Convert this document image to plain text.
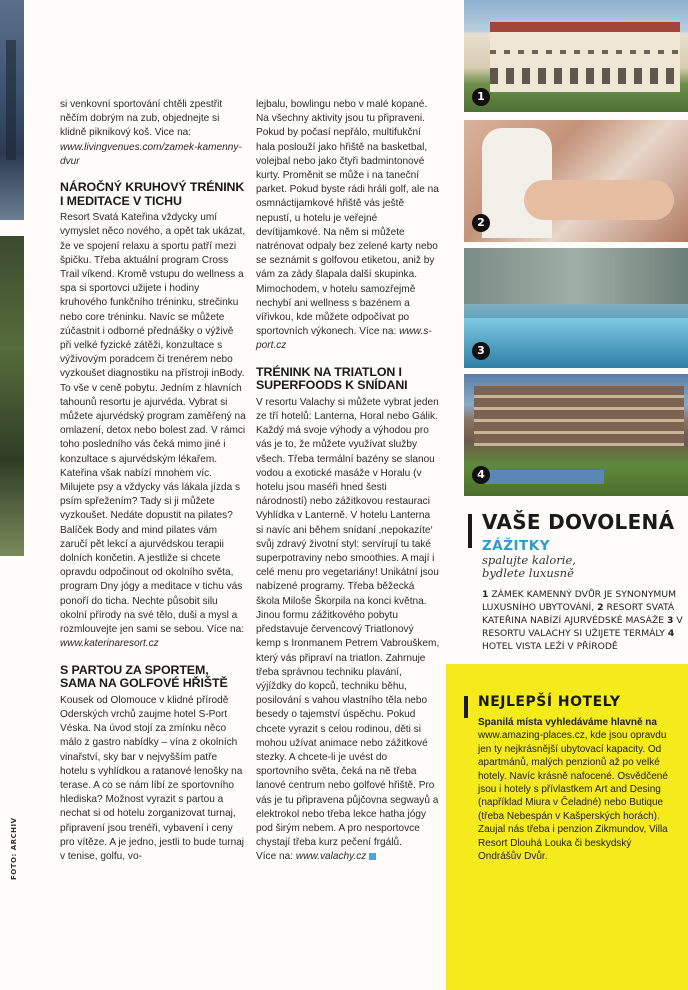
FOTO: ARCHIV

si venkovní sportování chtěli zpestřit něčím dobrým na zub, objednejte si klidně piknikový koš. Vice na: www.livingvenues.com/zamek-kamenny-dvur

NÁROČNÝ KRUHOVÝ TRÉNINK I MEDITACE V TICHU

Resort Svatá Kateřina vždycky umí vymyslet něco nového, a opět tak ukázat, že ve spojení relaxu a sportu patří mezi špičku. Třeba aktuální program Cross Trail víkend. Kromě vstupu do wellness a spa si sportovci užijete i hodiny kruhového funkčního tréninku, strečinku nebo core tréninku. Navíc se můžete zúčastnit i odborné přednášky o výživě při velké fyzické zátěži, konzultace s výživovým poradcem či trenérem nebo vyzkoušet diagnostiku na přístroji inBody. To vše v ceně pobytu. Jedním z hlavních tahounů resortu je ajurvéda. Vybrat si můžete ajurvédský program zaměřený na omlazení, detox nebo bolest zad. V rámci toho posledního vás čeká mimo jiné i konzultace s ajurvédským lékařem. Kateřina však nabízí mnohem víc. Milujete psy a vždycky vás lákala jízda s psím spřežením? Tady si ji můžete vyzkoušet. Nedáte dopustit na pilates? Balíček Body and mind pilates vám zaručí pět lekcí a ajurvédskou terapii dolních končetin. A jestliže si chcete opravdu odpočinout od okolního světa, program Dny jógy a meditace v tichu vás ponoří do ticha. Nechte působit silu okolní přírody na své tělo, duši a mysl a rozmlouvejte jen sami se sebou. Více na: www.katerinaresort.cz

S PARTOU ZA SPORTEM, SAMA NA GOLFOVÉ HŘIŠTĚ

Kousek od Olomouce v klidné přírodě Oderských vrchů zaujme hotel S-Port Véska. Na úvod stojí za zmínku něco málo z gastro nabídky – vína z okolních vinařství, sky bar v nejvyšším patře hotelu s vyhlídkou a ratanové lenošky na terase. A co se nám líbí ze sportovního hlediska? Možnost vyrazit s partou a nechat si od hotelu zorganizovat turnaj, připravení jsou trenéři, vybavení i ceny pro vítěze. A je jedno, jestli to bude turnaj v tenise, golfu, vo-

lejbalu, bowlingu nebo v malé kopané. Na všechny aktivity jsou tu připraveni. Pokud by počasí nepřálo, multifukční hala poslouží jako hřiště na basketbal, volejbal nebo jako čtyři badmintonové kurty. Proměnit se může i na taneční parket. Pokud byste rádi hráli golf, ale na osmnáctijamkové hřiště vás ještě nepustí, u hotelu je veřejné devítijamkové. Na něm si můžete natrénovat odpaly bez zelené karty nebo se seznámit s golfovou etiketou, aniž by vám za zády šlapala další skupinka. Mimochodem, v hotelu samozřejmě nechybí ani wellness s bazénem a vířivkou, kde můžete odpočívat po sportovních výkonech. Více na: www.s-port.cz

TRÉNINK NA TRIATLON I SUPERFOODS K SNÍDANI

V resortu Valachy si můžete vybrat jeden ze tří hotelů: Lanterna, Horal nebo Gálik. Každý má svoje výhody a výhodou pro vás je to, že můžete využívat služby všech. Třeba termální bazény se slanou vodou a exotické masáže v Horalu (v hotelu jsou maséři hned šesti národností) nebo zážitkovou restauraci Vyhlídka v Lanterně. V hotelu Lanterna si navíc ani během snídaní ‚nepokazíte‘ svůj zdravý životní styl: servírují tu také superpotraviny nebo smoothies. A mají i celé menu pro vegetariány! Unikátní jsou nabízené programy. Třeba běžecká škola Miloše Škorpila na konci května. Jinou formu zážitkového pobytu představuje červencový Triatlonový kemp s Ironmanem Petrem Vabrouškem, který vás připraví na triatlon. Zahrnuje třeba správnou techniku plavání, výjíždky do kopců, techniku běhu, posilování s vahou vlastního těla nebo besedy o tajemství úspěchu. Pokud chcete vyrazit s celou rodinou, děti si mohou užívat animace nebo zážitkové stezky. A chcete-li je uvést do sportovního světa, čeká na ně třeba lanové centrum nebo golfové hřiště. Pro vás je tu připravena půjčovna segwayů a elektrokol nebo třeba lekce hatha jógy pod širým nebem. A pro nesportovce chystají třeba kurz pečení frgálů.
Více na: www.valachy.cz

1
2
3
4
VAŠE DOVOLENÁ
ZÁŽITKY
spalujte kalorie,
bydlete luxusně
1 ZÁMEK KAMENNÝ DVŮR JE SYNONYMUM LUXUSNÍHO UBYTOVÁNÍ, 2 RESORT SVATÁ KATEŘINA NABÍZÍ AJURVÉDSKÉ MASÁŽE 3 V RESORTU VALACHY SI UŽIJETE TERMÁLY 4 HOTEL VISTA LEŽÍ V PŘÍRODĚ
NEJLEPŠÍ HOTELY

Spanilá místa vyhledáváme hlavně na www.amazing-places.cz, kde jsou opravdu jen ty nejkrásnější ubytovací kapacity. Od apartmánů, malých penzionů až po velké hotely. Navíc krásně nafocené. Osvědčené jsou i hotely s přívlastkem Art and Desing (například Miura v Čeladné) nebo Butique (třeba Nebespán v Kašperských horách). Zaujal nás třeba i penzion Zikmundov, Villa Resort Dlouhá Louka či beskydský Ondrášův Dvůr.
